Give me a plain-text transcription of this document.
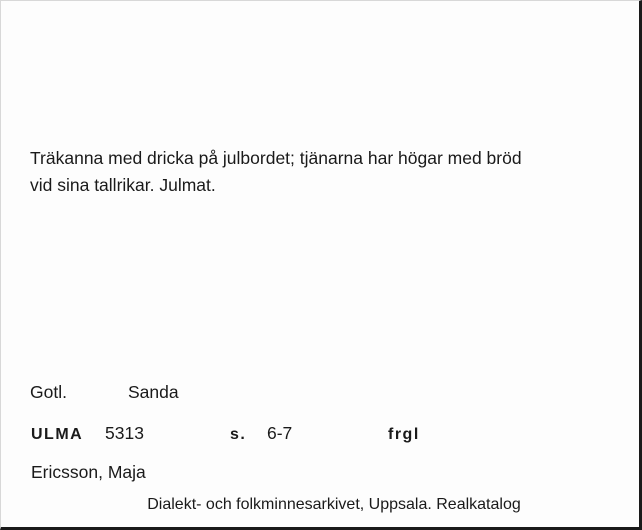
Träkanna med dricka på julbordet; tjänarna har högar med bröd
vid sina tallrikar. Julmat.

Gotl.	Sanda

ULMA 5313	s. 6-7	frgl

Ericsson, Maja

Dialekt- och folkminnesarkivet, Uppsala. Realkatalog
